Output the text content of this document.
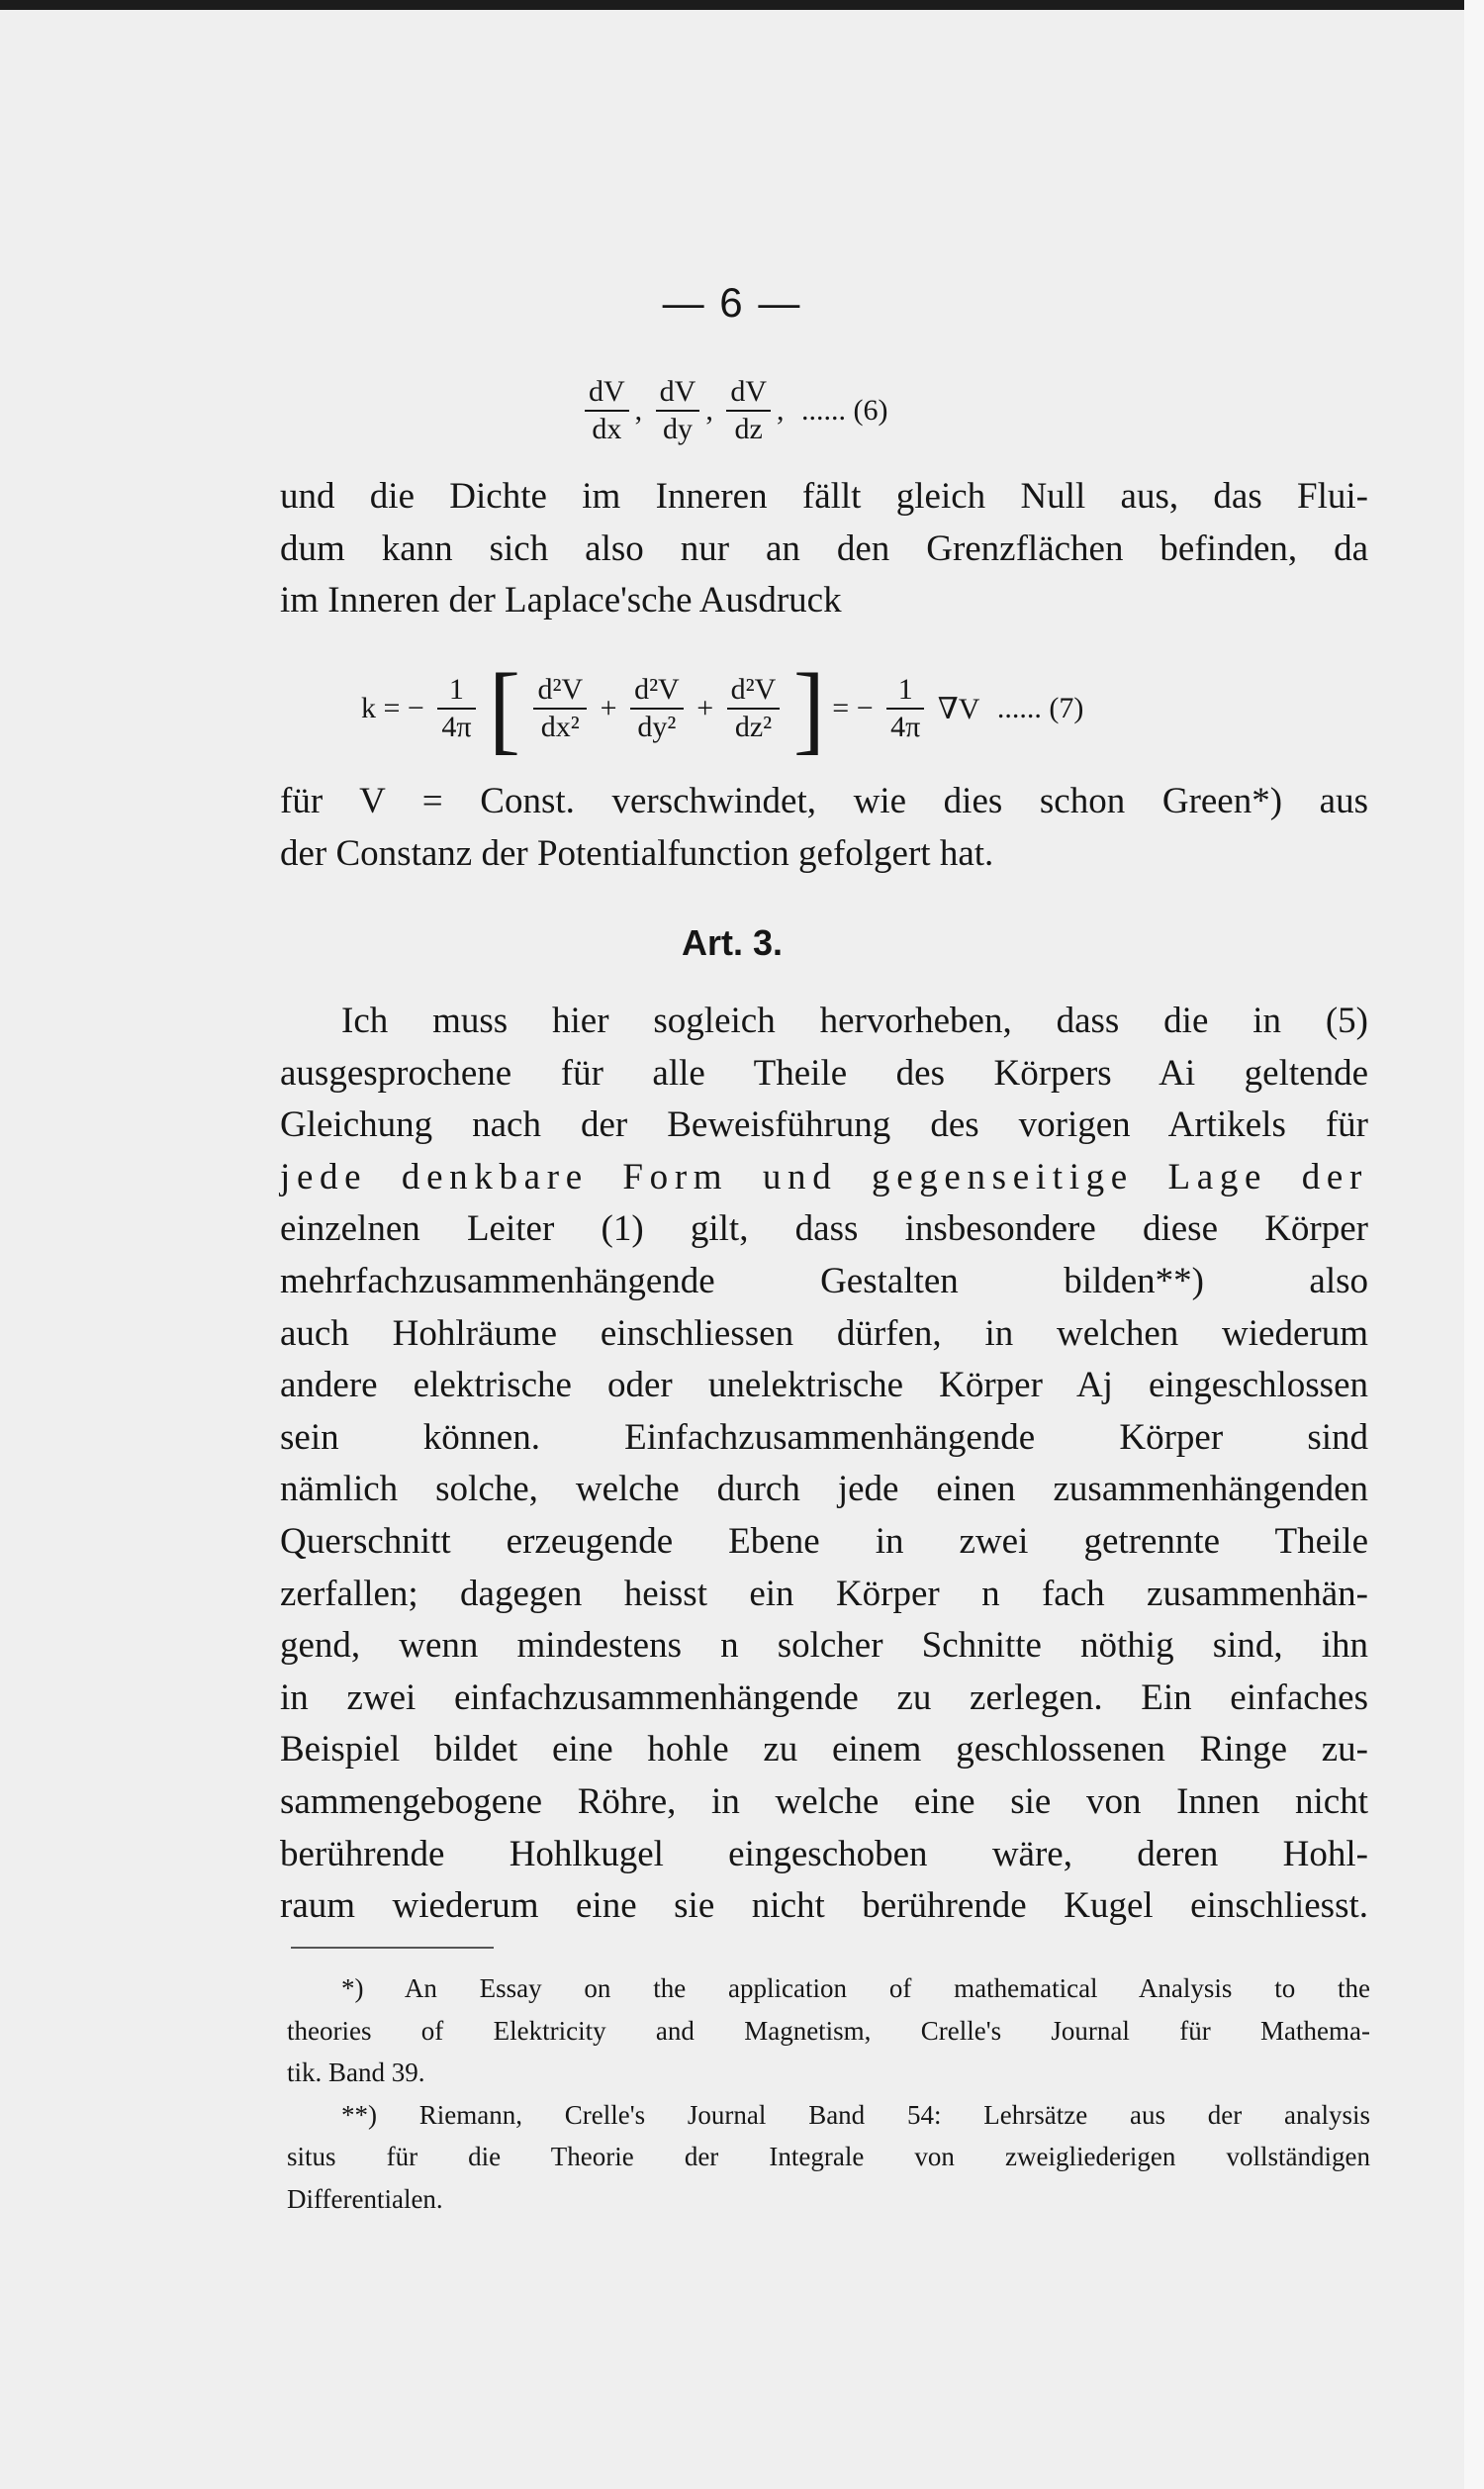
— 6 —
$\frac{dV}{dx}$ , $\frac{dV}{dy}$ , $\frac{dV}{dz}$ , ...... (6)
und die Dichte im Inneren fällt gleich Null aus, das Flui-
dum kann sich also nur an den Grenzflächen befinden, da
im Inneren der Laplace'sche Ausdruck
k = − $\frac{1}{4\pi}$ [ $\frac{\text{d²V}}{\text{dx²}} + \frac{\text{d²V}}{\text{dy²}} + \frac{\text{d²V}}{\text{dz²}}$ ] = − $\frac{1}{4\pi} \nabla V$ ...... (7)
für V = Const. verschwindet, wie dies schon Green*) aus
der Constanz der Potentialfunction gefolgert hat.
Art. 3.
Ich muss hier sogleich hervorheben, dass die in (5)
ausgesprochene für alle Theile des Körpers Ai geltende
Gleichung nach der Beweisführung des vorigen Artikels für
jede denkbare Form und gegenseitige Lage der
einzelnen Leiter (1) gilt, dass insbesondere diese Körper
mehrfachzusammenhängende Gestalten bilden**) also
auch Hohlräume einschliessen dürfen, in welchen wiederum
andere elektrische oder unelektrische Körper Aj eingeschlossen
sein können. Einfachzusammenhängende Körper sind
nämlich solche, welche durch jede einen zusammenhängenden
Querschnitt erzeugende Ebene in zwei getrennte Theile
zerfallen; dagegen heisst ein Körper n fach zusammenhän-
gend, wenn mindestens n solcher Schnitte nöthig sind, ihn
in zwei einfachzusammenhängende zu zerlegen. Ein einfaches
Beispiel bildet eine hohle zu einem geschlossenen Ringe zu-
sammengebogene Röhre, in welche eine sie von Innen nicht
berührende Hohlkugel eingeschoben wäre, deren Hohl-
raum wiederum eine sie nicht berührende Kugel einschliesst.
*) An Essay on the application of mathematical Analysis to the
theories of Elektricity and Magnetism, Crelle's Journal für Mathema-
tik. Band 39.
**) Riemann, Crelle's Journal Band 54: Lehrsätze aus der analysis
situs für die Theorie der Integrale von zweigliederigen vollständigen
Differentialen.
